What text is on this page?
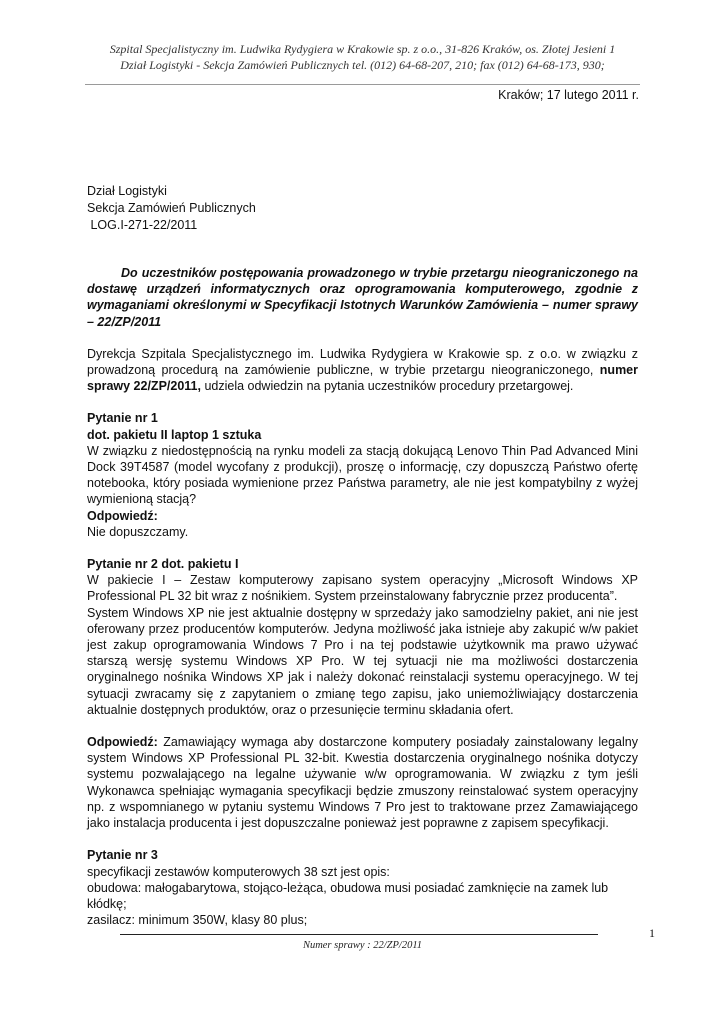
Szpital Specjalistyczny im. Ludwika Rydygiera w Krakowie sp. z o.o., 31-826 Kraków, os. Złotej Jesieni 1
Dział Logistyki - Sekcja Zamówień Publicznych tel. (012) 64-68-207, 210; fax (012) 64-68-173, 930;
Kraków; 17 lutego 2011 r.
Dział Logistyki
Sekcja Zamówień Publicznych
LOG.I-271-22/2011

Do uczestników postępowania prowadzonego w trybie przetargu nieograniczonego na dostawę urządzeń informatycznych oraz oprogramowania komputerowego, zgodnie z wymaganiami określonymi w Specyfikacji Istotnych Warunków Zamówienia – numer sprawy – 22/ZP/2011

Dyrekcja Szpitala Specjalistycznego im. Ludwika Rydygiera w Krakowie sp. z o.o. w związku z prowadzoną procedurą na zamówienie publiczne, w trybie przetargu nieograniczonego, numer sprawy 22/ZP/2011, udziela odwiedzin na pytania uczestników procedury przetargowej.

Pytanie nr 1
dot. pakietu II laptop 1 sztuka
W związku z niedostępnością na rynku modeli za stacją dokującą Lenovo Thin Pad Advanced Mini Dock 39T4587 (model wycofany z produkcji), proszę o informację, czy dopuszczą Państwo ofertę notebooka, który posiada wymienione przez Państwa parametry, ale nie jest kompatybilny z wyżej wymienioną stacją?
Odpowiedź:
Nie dopuszczamy.
Pytanie nr 2 dot. pakietu I
W pakiecie I – Zestaw komputerowy zapisano system operacyjny „Microsoft Windows XP Professional PL 32 bit wraz z nośnikiem. System przeinstalowany fabrycznie przez producenta”.
System Windows XP nie jest aktualnie dostępny w sprzedaży jako samodzielny pakiet, ani nie jest oferowany przez producentów komputerów. Jedyna możliwość jaka istnieje aby zakupić w/w pakiet jest zakup oprogramowania Windows 7 Pro i na tej podstawie użytkownik ma prawo używać starszą wersję systemu Windows XP Pro. W tej sytuacji nie ma możliwości dostarczenia oryginalnego nośnika Windows XP jak i należy dokonać reinstalacji systemu operacyjnego. W tej sytuacji zwracamy się z zapytaniem o zmianę tego zapisu, jako uniemożliwiający dostarczenia aktualnie dostępnych produktów, oraz o przesunięcie terminu składania ofert.

Odpowiedź: Zamawiający wymaga aby dostarczone komputery posiadały zainstalowany legalny system Windows XP Professional PL 32-bit. Kwestia dostarczenia oryginalnego nośnika dotyczy systemu pozwalającego na legalne używanie w/w oprogramowania. W związku z tym jeśli Wykonawca spełniając wymagania specyfikacji będzie zmuszony reinstalować system operacyjny np. z wspomnianego w pytaniu systemu Windows 7 Pro jest to traktowane przez Zamawiającego jako instalacja producenta i jest dopuszczalne ponieważ jest poprawne z zapisem specyfikacji.

Pytanie nr 3
specyfikacji zestawów komputerowych 38 szt jest opis:
obudowa: małogabarytowa, stojąco-leżąca, obudowa musi posiadać zamknięcie na zamek lub kłódkę;
zasilacz: minimum 350W, klasy 80 plus;
1
Numer sprawy : 22/ZP/2011
